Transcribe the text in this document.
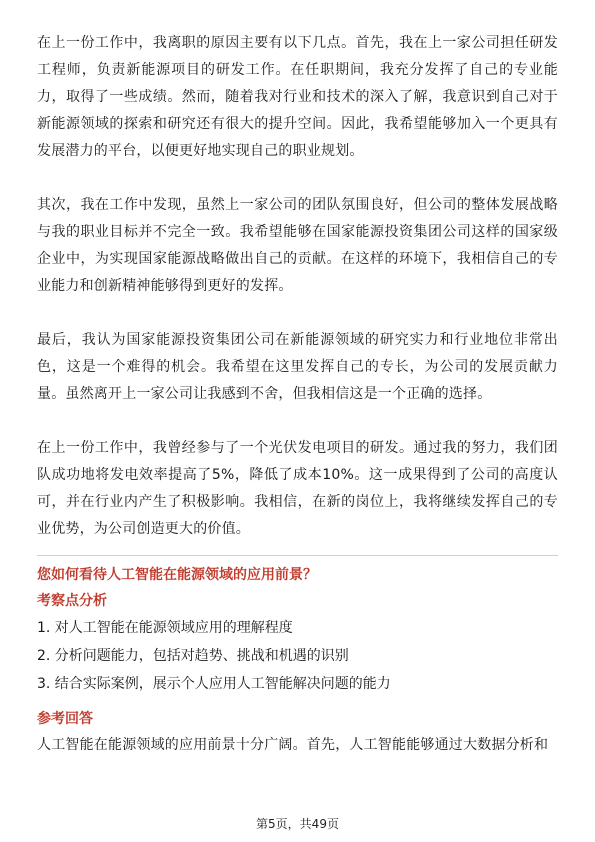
在上一份工作中，我离职的原因主要有以下几点。首先，我在上一家公司担任研发工程师，负责新能源项目的研发工作。在任职期间，我充分发挥了自己的专业能力，取得了一些成绩。然而，随着我对行业和技术的深入了解，我意识到自己对于新能源领域的探索和研究还有很大的提升空间。因此，我希望能够加入一个更具有发展潜力的平台，以便更好地实现自己的职业规划。

其次，我在工作中发现，虽然上一家公司的团队氛围良好，但公司的整体发展战略与我的职业目标并不完全一致。我希望能够在国家能源投资集团公司这样的国家级企业中，为实现国家能源战略做出自己的贡献。在这样的环境下，我相信自己的专业能力和创新精神能够得到更好的发挥。

最后，我认为国家能源投资集团公司在新能源领域的研究实力和行业地位非常出色，这是一个难得的机会。我希望在这里发挥自己的专长，为公司的发展贡献力量。虽然离开上一家公司让我感到不舍，但我相信这是一个正确的选择。

在上一份工作中，我曾经参与了一个光伏发电项目的研发。通过我的努力，我们团队成功地将发电效率提高了5%，降低了成本10%。这一成果得到了公司的高度认可，并在行业内产生了积极影响。我相信，在新的岗位上，我将继续发挥自己的专业优势，为公司创造更大的价值。

您如何看待人工智能在能源领域的应用前景？

考察点分析

1. 对人工智能在能源领域应用的理解程度

2. 分析问题能力，包括对趋势、挑战和机遇的识别

3. 结合实际案例，展示个人应用人工智能解决问题的能力

参考回答

人工智能在能源领域的应用前景十分广阔。首先，人工智能能够通过大数据分析和

第5页，共49页
